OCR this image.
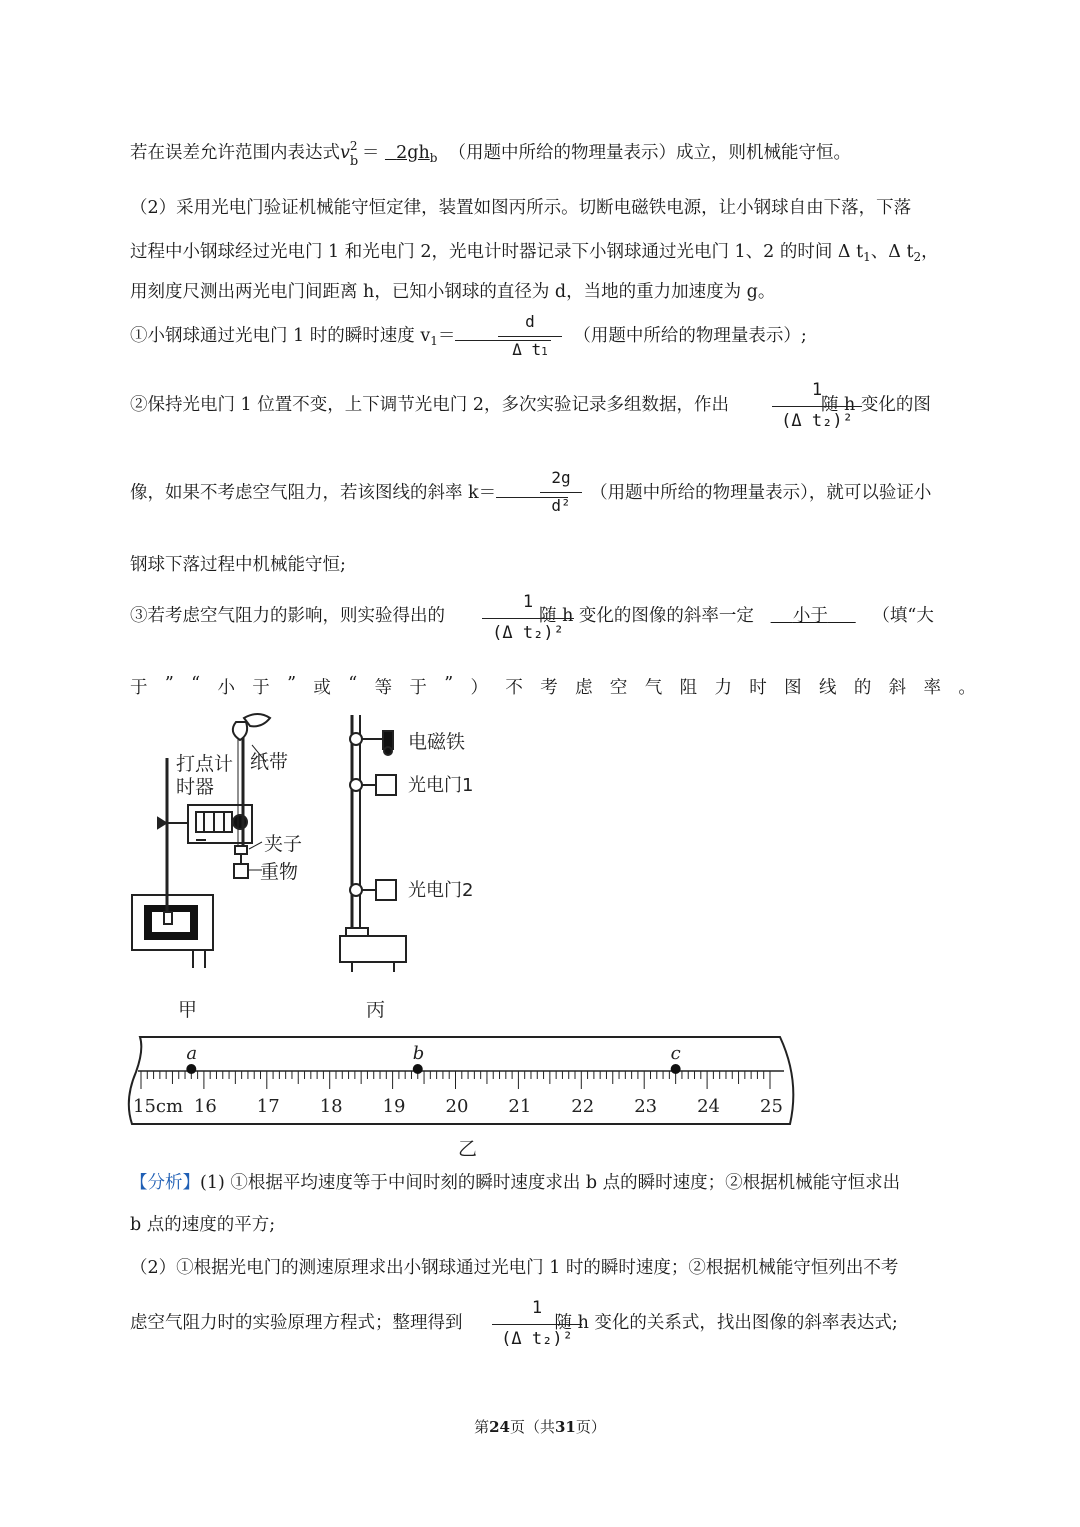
若在误差允许范围内表达式v 2
$b = 2gh_b$ （用题中所给的物理量表示）成立，则机械能守恒。
（2）采用光电门验证机械能守恒定律，装置如图丙所示。切断电磁铁电源，让小钢球自由下落，下落
过程中小钢球经过光电门 1 和光电门 2，光电计时器记录下小钢球通过光电门 1、2 的时间 Δ $t_1$、Δ $t_2$，
用刻度尺测出两光电门间距离 h，已知小钢球的直径为 d，当地的重力加速度为 g。
①小钢球通过光电门 1 时的瞬时速度 $v_1=$	（用题中所给的物理量表示）;
d
Δ t1
②保持光电门 1 位置不变，上下调节光电门 2，多次实验记录多组数据，作出	随 h 变化的图
1
(Δ t₂)²
像，如果不考虑空气阻力，若该图线的斜率 k＝	（用题中所给的物理量表示），就可以验证小
2g
d²
钢球下落过程中机械能守恒;
③若考虑空气阻力的影响，则实验得出的	随 h 变化的图像的斜率一定 小于	（填“大
1
(Δ t₂)²
于 ” “ 小 于 ” 或 “ 等 于 ” ） 不 考 虑 空 气 阻 力 时 图 线 的 斜 率 。
打点计
时器
纸带
夹子
重物
电磁铁
光电门1
光电门2
甲	丙
15cm 16 17 18 19 20 21 22 23 24 25
a	b	c
乙
【分析】(1) ①根据平均速度等于中间时刻的瞬时速度求出 b 点的瞬时速度；②根据机械能守恒求出
b 点的速度的平方;
（2）①根据光电门的测速原理求出小钢球通过光电门 1 时的瞬时速度；②根据机械能守恒列出不考
虑空气阻力时的实验原理方程式；整理得到	随 h 变化的关系式，找出图像的斜率表达式;
1
(Δ t₂)²
第24页（共31页）
